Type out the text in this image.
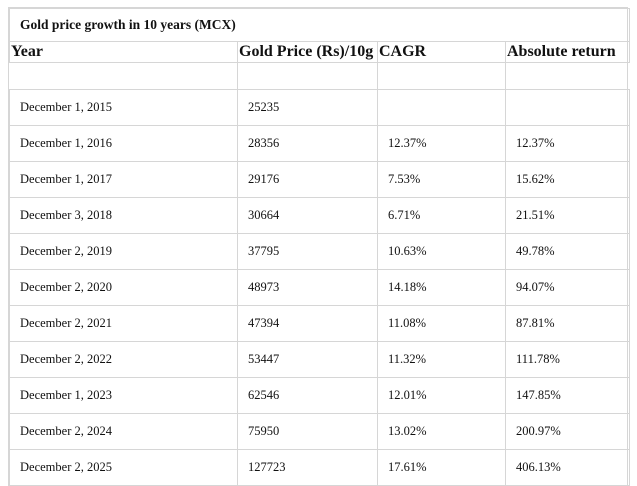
Gold price growth in 10 years (MCX)			
Year	Gold Price (Rs)/10g	CAGR	Absolute return

December 1, 2015	25235		
December 1, 2016	28356	12.37%	12.37%
December 1, 2017	29176	7.53%	15.62%
December 3, 2018	30664	6.71%	21.51%
December 2, 2019	37795	10.63%	49.78%
December 2, 2020	48973	14.18%	94.07%
December 2, 2021	47394	11.08%	87.81%
December 2, 2022	53447	11.32%	111.78%
December 1, 2023	62546	12.01%	147.85%
December 2, 2024	75950	13.02%	200.97%
December 2, 2025	127723	17.61%	406.13%
